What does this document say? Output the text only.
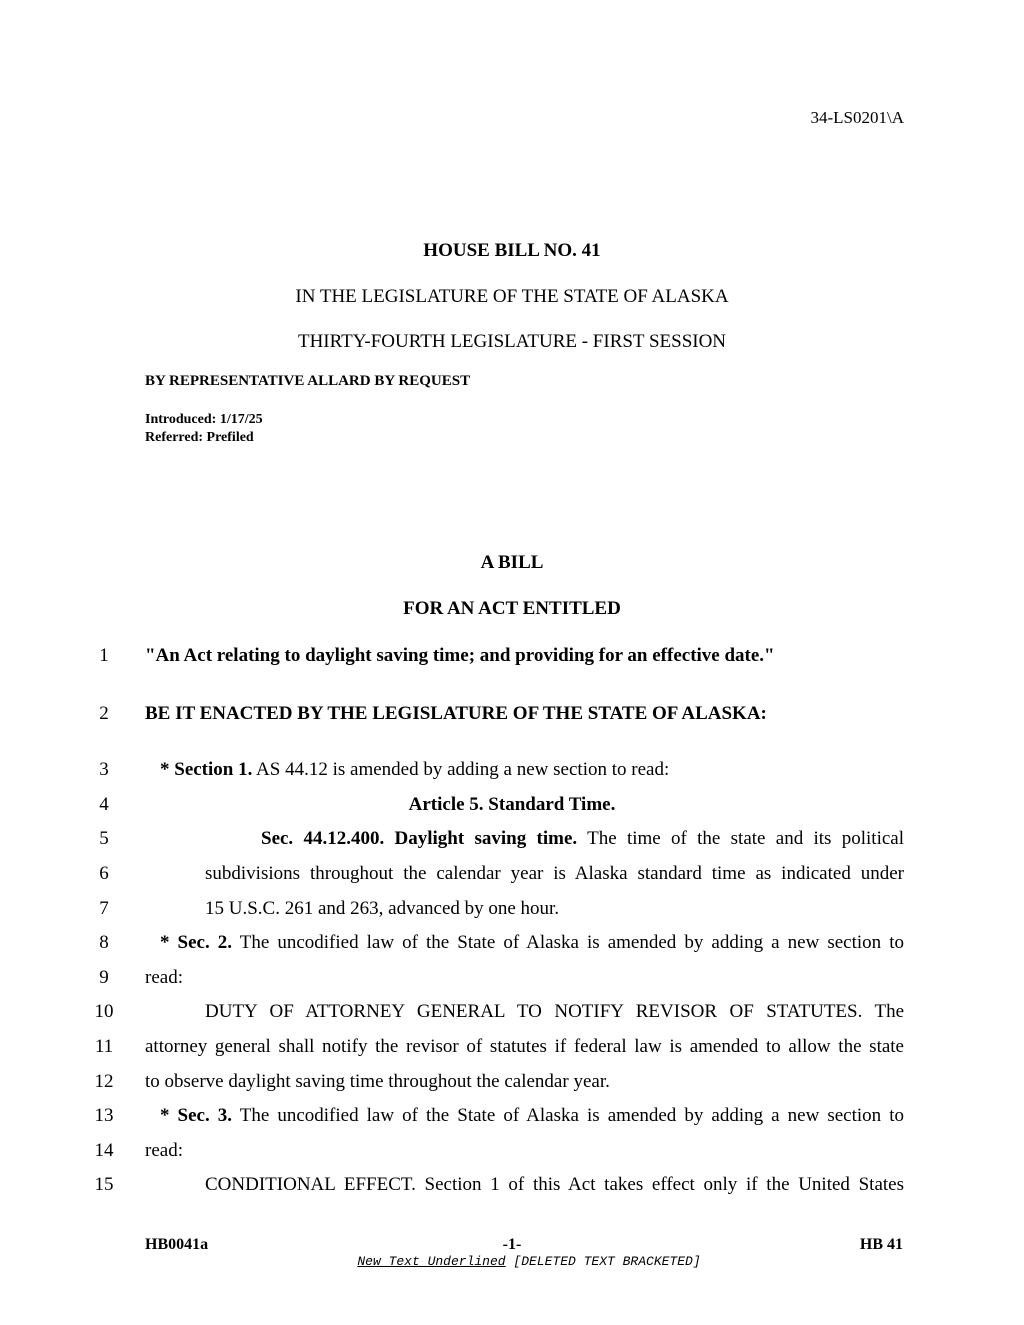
34-LS0201\A
HOUSE BILL NO. 41
IN THE LEGISLATURE OF THE STATE OF ALASKA
THIRTY-FOURTH LEGISLATURE - FIRST SESSION
BY REPRESENTATIVE ALLARD BY REQUEST
Introduced: 1/17/25
Referred: Prefiled
A BILL
FOR AN ACT ENTITLED
1
2
3
4
5
6
7
8
9
10
11
12
13
14
15
"An Act relating to daylight saving time; and providing for an effective date."
BE IT ENACTED BY THE LEGISLATURE OF THE STATE OF ALASKA:
* Section 1. AS 44.12 is amended by adding a new section to read:
Article 5. Standard Time.
Sec. 44.12.400. Daylight saving time. The time of the state and its political
subdivisions throughout the calendar year is Alaska standard time as indicated under
15 U.S.C. 261 and 263, advanced by one hour.
* Sec. 2. The uncodified law of the State of Alaska is amended by adding a new section to
read:
DUTY OF ATTORNEY GENERAL TO NOTIFY REVISOR OF STATUTES. The
attorney general shall notify the revisor of statutes if federal law is amended to allow the state
to observe daylight saving time throughout the calendar year.
* Sec. 3. The uncodified law of the State of Alaska is amended by adding a new section to
read:
CONDITIONAL EFFECT. Section 1 of this Act takes effect only if the United States
HB0041a	-1-	HB 41
New Text Underlined [DELETED TEXT BRACKETED]
